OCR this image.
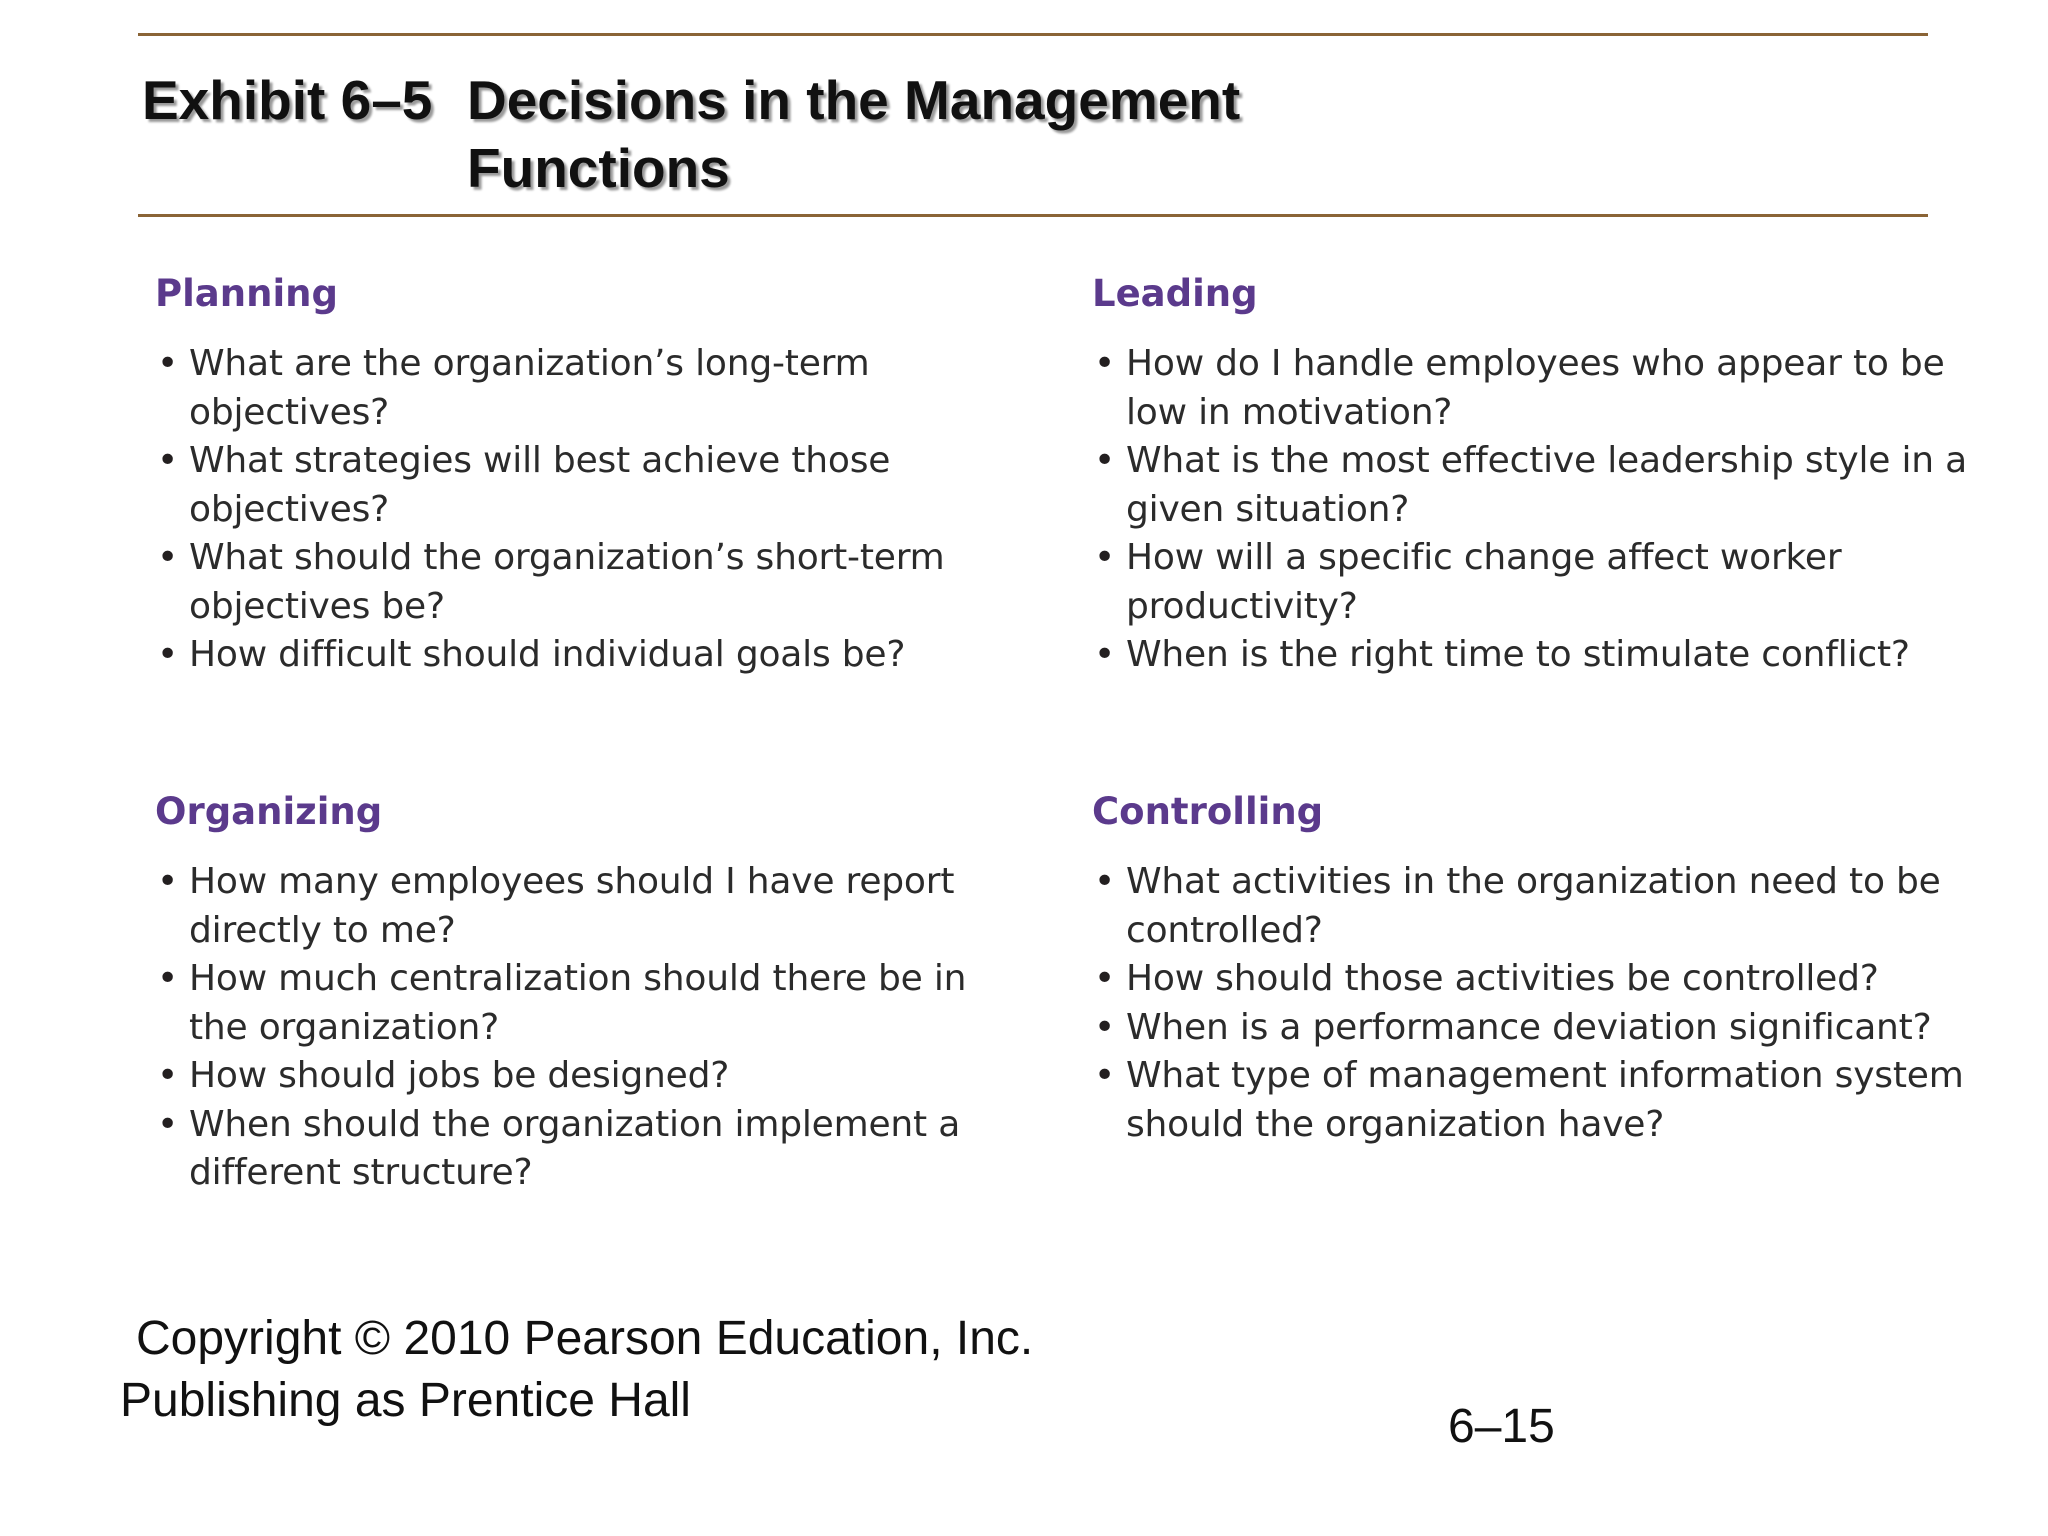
Exhibit 6–5 Decisions in the Management Functions
Planning
• What are the organization’s long-term objectives?
• What strategies will best achieve those objectives?
• What should the organization’s short-term objectives be?
• How difficult should individual goals be?
Leading
• How do I handle employees who appear to be low in motivation?
• What is the most effective leadership style in a given situation?
• How will a specific change affect worker productivity?
• When is the right time to stimulate conflict?
Organizing
• How many employees should I have report directly to me?
• How much centralization should there be in the organization?
• How should jobs be designed?
• When should the organization implement a different structure?
Controlling
• What activities in the organization need to be controlled?
• How should those activities be controlled?
• When is a performance deviation significant?
• What type of management information system should the organization have?
Copyright © 2010 Pearson Education, Inc.
Publishing as Prentice Hall	6–15
